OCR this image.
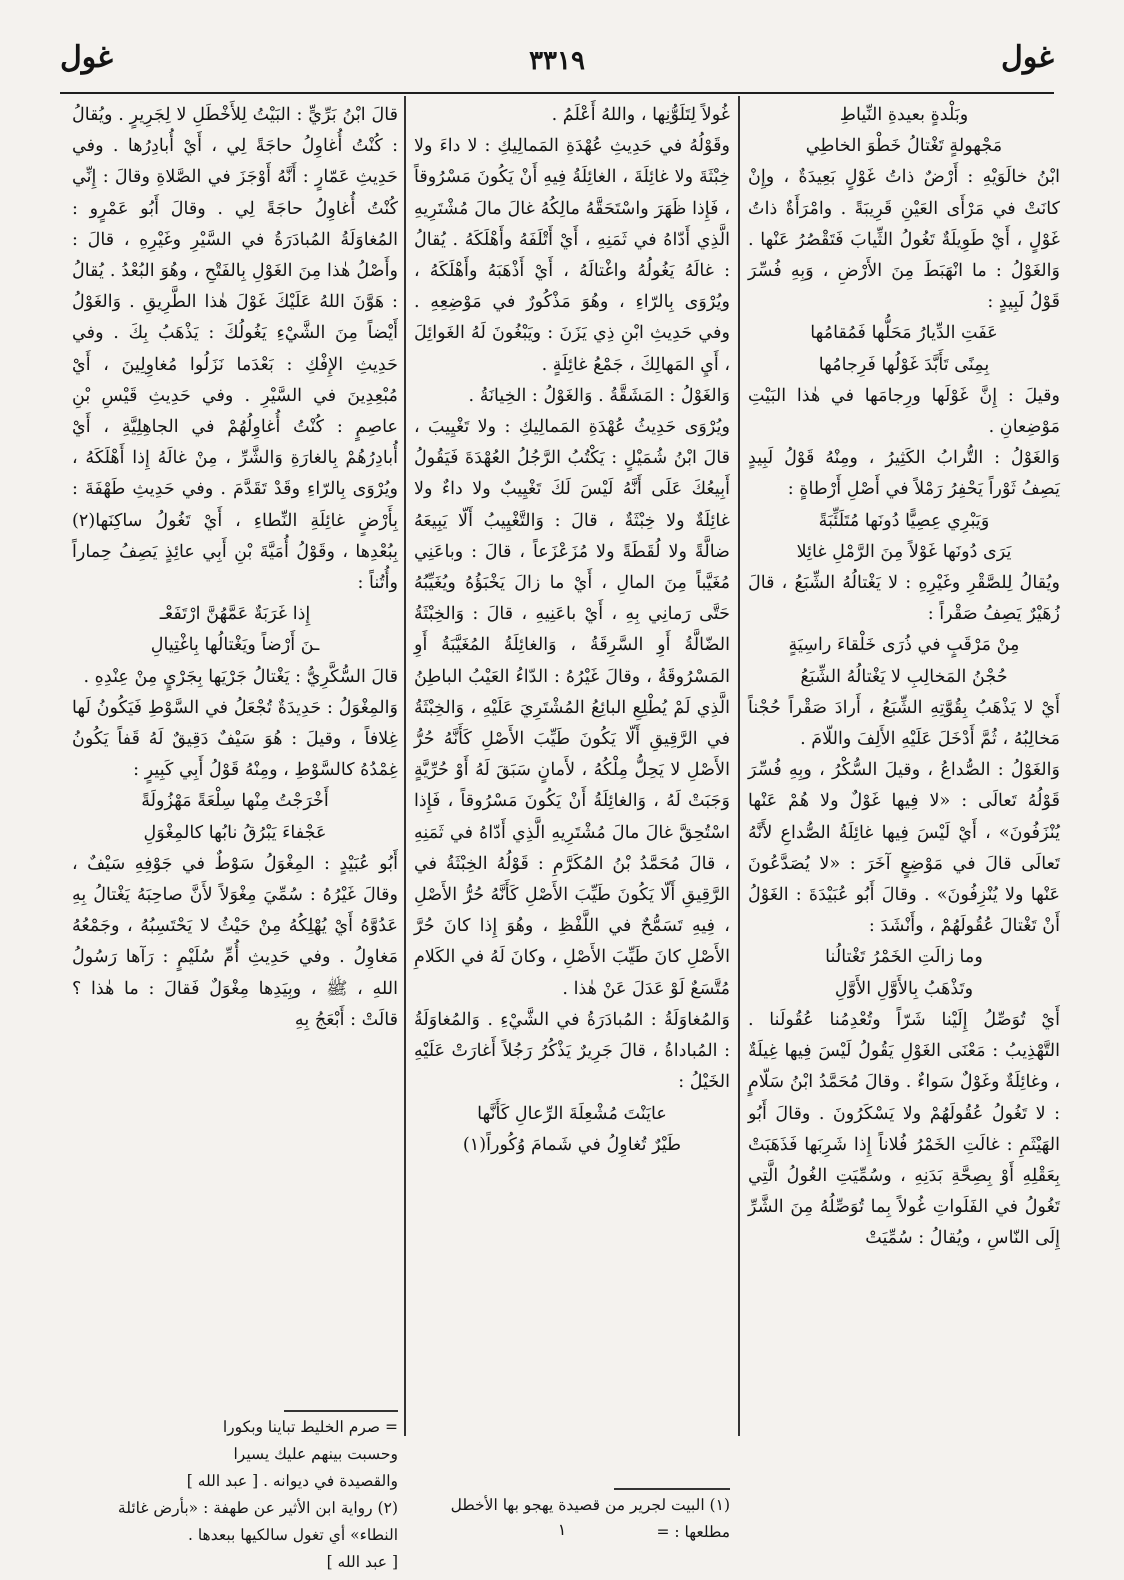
غول
٣٣١٩
غول

وبَلْدةٍ بعيدةِ النِّياطِ

مَجْهولةٍ تَغْتالُ خَطْوَ الخاطِي

ابْنُ خالَوَيْهِ : أَرْضٌ ذاتُ غَوْلٍ بَعِيدَةٌ ، وإِنْ كانَتْ في مَرْأَى العَيْنِ قَرِيبَةً . وامْرَأَةٌ ذاتُ غَوْلٍ ، أَيْ طَوِيلَةٌ تَغُولُ الثِّيابَ فَتَقْصُرُ عَنْها . وَالغَوْلُ : ما انْهَبَطَ مِنَ الأَرْضِ ، وَبِهِ فُسِّرَ قَوْلُ لَبِيدٍ :

عَفَتِ الدِّيارُ مَحَلُّها فَمُقامُها

بِمِنًى تَأَبَّدَ غَوْلُها فَرِجامُها

وقيلَ : إِنَّ غَوْلَها ورِجامَها في هٰذا البَيْتِ مَوْضِعانِ .

وَالغَوْلُ : التُّرابُ الكَثِيرُ ، ومِنْهُ قَوْلُ لَبِيدٍ يَصِفُ ثَوْراً يَحْفِرُ رَمْلاً في أَصْلِ أَرْطاةٍ :

وَيَبْرِي عِصِيًّا دُونَها مُتَلَئِّبَةً

يَرَى دُونَها غَوْلاً مِنَ الرَّمْلِ غائِلا

ويُقالُ لِلصَّقْرِ وغَيْرِهِ : لا يَغْتالُهُ الشِّبَعُ ، قالَ زُهَيْرٌ يَصِفُ صَقْراً :

مِنْ مَرْقَبٍ في ذُرَى خَلْقاءَ راسِيَةٍ

حُجْنُ المَخالِبِ لا يَغْتالُهُ الشِّبَعُ

أَيْ لا يَذْهَبُ بِقُوَّتِهِ الشِّبَعُ ، أَرادَ صَقْراً حُجْناً مَخالِبُهُ ، ثُمَّ أَدْخَلَ عَلَيْهِ الأَلِفَ واللّامَ .

وَالغَوْلُ : الصُّداعُ ، وقيلَ السُّكْرُ ، وبِهِ فُسِّرَ قَوْلُهُ تَعالَى : «لا فِيها غَوْلٌ ولا هُمْ عَنْها يُنْزَفُونَ» ، أَيْ لَيْسَ فِيها غائِلَةُ الصُّداعِ لأَنَّهُ تَعالَى قالَ في مَوْضِعٍ آخَرَ : «لا يُصَدَّعُونَ عَنْها ولا يُنْزِفُونَ» . وقالَ أَبُو عُبَيْدَةَ : الغَوْلُ أَنْ تَغْتالَ عُقُولَهُمْ ، وأَنْشَدَ :

وما زالَتِ الخَمْرُ تَغْتالُنا

وتَذْهَبُ بِالأَوَّلِ الأَوَّلِ

أَيْ تُوَصِّلُ إِلَيْنا شَرّاً وتُعْدِمُنا عُقُولَنا . التَّهْذِيبُ : مَعْنَى الغَوْلِ يَقُولُ لَيْسَ فِيها غِيلَةٌ ، وغائِلَةٌ وغَوْلٌ سَواءٌ . وقالَ مُحَمَّدُ ابْنُ سَلّامٍ : لا تَغُولُ عُقُولَهُمْ ولا يَسْكَرُونَ . وقالَ أَبُو الهَيْثَمِ : غالَتِ الخَمْرُ فُلاناً إِذا شَرِبَها فَذَهَبَتْ بِعَقْلِهِ أَوْ بِصِحَّةِ بَدَنِهِ ، وسُمِّيَتِ الغُولُ الَّتِي تَغُولُ في الفَلَواتِ غُولاً بِما تُوَصِّلُهُ مِنَ الشَّرِّ إِلَى النّاسِ ، ويُقالُ : سُمِّيَتْ

غُولاً لِتَلَوُّنِها ، واللهُ أَعْلَمُ .

وقَوْلُهُ في حَدِيثِ عُهْدَةِ المَمالِيكِ : لا داءَ ولا خِبْثَةَ ولا غائِلَةَ ، الغائِلَةُ فِيهِ أَنْ يَكُونَ مَسْرُوقاً ، فَإِذا ظَهَرَ واسْتَحَقَّهُ مالِكُهُ غالَ مالَ مُشْتَرِيهِ الَّذِي أَدّاهُ في ثَمَنِهِ ، أَيْ أَتْلَفَهُ وأَهْلَكَهُ . يُقالُ : غالَهُ يَغُولُهُ واغْتالَهُ ، أَيْ أَذْهَبَهُ وأَهْلَكَهُ ، ويُرْوَى بِالرّاءِ ، وهُوَ مَذْكُورٌ في مَوْضِعِهِ . وفي حَدِيثِ ابْنِ ذِي يَزَنَ : ويَبْغُونَ لَهُ الغَوائِلَ ، أَيِ المَهالِكَ ، جَمْعُ غائِلَةٍ .

وَالغَوْلُ : المَشَقَّةُ . وَالغَوْلُ : الخِيانَةُ .

ويُرْوَى حَدِيثُ عُهْدَةِ المَمالِيكِ : ولا تَغْيِيبَ ، قالَ ابْنُ شُمَيْلٍ : يَكْتُبُ الرَّجُلُ العُهْدَةَ فَيَقُولُ أَبِيعُكَ عَلَى أَنَّهُ لَيْسَ لَكَ تَغْيِيبٌ ولا داءٌ ولا غائِلَةٌ ولا خِبْثَةٌ ، قالَ : وَالتَّغْيِيبُ أَلّا يَبِيعَهُ ضالَّةً ولا لُقَطَةً ولا مُزَعْزَعاً ، قالَ : وباعَنِي مُغَيَّباً مِنَ المالِ ، أَيْ ما زالَ يَخْبَؤُهُ ويُغَيِّبُهُ حَتَّى رَمانِي بِهِ ، أَيْ باعَنِيهِ ، قالَ : وَالخِبْثَةُ الضّالَّةُ أَوِ السَّرِقَةُ ، وَالغائِلَةُ المُغَيَّبَةُ أَوِ المَسْرُوقَةُ ، وقالَ غَيْرُهُ : الدّاءُ العَيْبُ الباطِنُ الَّذِي لَمْ يُطْلِعِ البائِعُ المُشْتَرِيَ عَلَيْهِ ، وَالخِبْثَةُ في الرَّقِيقِ أَلّا يَكُونَ طَيِّبَ الأَصْلِ كَأَنَّهُ حُرُّ الأَصْلِ لا يَحِلُّ مِلْكُهُ ، لأَمانٍ سَبَقَ لَهُ أَوْ حُرِّيَّةٍ وَجَبَتْ لَهُ ، وَالغائِلَةُ أَنْ يَكُونَ مَسْرُوقاً ، فَإِذا اسْتُحِقَّ غالَ مالَ مُشْتَرِيهِ الَّذِي أَدّاهُ في ثَمَنِهِ ، قالَ مُحَمَّدُ بْنُ المُكَرَّمِ : قَوْلُهُ الخِبْثَةُ في الرَّقِيقِ أَلّا يَكُونَ طَيِّبَ الأَصْلِ كَأَنَّهُ حُرُّ الأَصْلِ ، فِيهِ تَسَمُّحٌ في اللَّفْظِ ، وهُوَ إِذا كانَ حُرَّ الأَصْلِ كانَ طَيِّبَ الأَصْلِ ، وكانَ لَهُ في الكَلامِ مُتَّسَعٌ لَوْ عَدَلَ عَنْ هٰذا .

وَالمُغاوَلَةُ : المُبادَرَةُ في الشَّيْءِ . وَالمُغاوَلَةُ : المُباداةُ ، قالَ جَرِيرٌ يَذْكُرُ رَجُلاً أَغارَتْ عَلَيْهِ الخَيْلُ :

عايَنْتَ مُشْعِلَةَ الرِّعالِ كَأَنَّها

طَيْرٌ تُغاوِلُ في شَمامَ وُكُوراً(١)

قالَ ابْنُ بَرِّيٍّ : البَيْتُ لِلأَخْطَلِ لا لِجَرِيرٍ . ويُقالُ : كُنْتُ أُغاوِلُ حاجَةً لِي ، أَيْ أُبادِرُها . وفي حَدِيثِ عَمّارٍ : أَنَّهُ أَوْجَزَ في الصَّلاةِ وقالَ : إِنِّي كُنْتُ أُغاوِلُ حاجَةً لِي . وقالَ أَبُو عَمْرٍو : المُغاوَلَةُ المُبادَرَةُ في السَّيْرِ وغَيْرِهِ ، قالَ : وأَصْلُ هٰذا مِنَ الغَوْلِ بِالفَتْحِ ، وهُوَ البُعْدُ . يُقالُ : هَوَّنَ اللهُ عَلَيْكَ غَوْلَ هٰذا الطَّرِيقِ . وَالغَوْلُ أَيْضاً مِنَ الشَّيْءِ يَغُولُكَ : يَذْهَبُ بِكَ . وفي حَدِيثِ الإِفْكِ : بَعْدَما نَزَلُوا مُغاوِلِينَ ، أَيْ مُبْعِدِينَ في السَّيْرِ . وفي حَدِيثِ قَيْسِ بْنِ عاصِمٍ : كُنْتُ أُغاوِلُهُمْ في الجاهِلِيَّةِ ، أَيْ أُبادِرُهُمْ بِالغارَةِ وَالشَّرِّ ، مِنْ غالَهُ إِذا أَهْلَكَهُ ، ويُرْوَى بِالرّاءِ وقَدْ تَقَدَّمَ . وفي حَدِيثِ طَهْفَةَ : بِأَرْضٍ غائِلَةِ النِّطاءِ ، أَيْ تَغُولُ ساكِنَها(٢) بِبُعْدِها ، وقَوْلُ أُمَيَّةَ بْنِ أَبِي عائِذٍ يَصِفُ حِماراً وأُتُناً :

إِذا غَرَبَةٌ عَمَّهُنَّ ارْتَفَعْـ

ـنَ أَرْضاً ويَغْتالُها بِاغْتِيالِ

قالَ السُّكَّرِيُّ : يَغْتالُ جَرْيَها بِجَرْيٍ مِنْ عِنْدِهِ .

وَالمِغْوَلُ : حَدِيدَةٌ تُجْعَلُ في السَّوْطِ فَيَكُونُ لَها غِلافاً ، وقيلَ : هُوَ سَيْفٌ دَقِيقٌ لَهُ قَفاً يَكُونُ غِمْدُهُ كالسَّوْطِ ، ومِنْهُ قَوْلُ أَبِي كَبِيرٍ :

أَخْرَجْتُ مِنْها سِلْعَةً مَهْزُولَةً

عَجْفاءَ يَبْرُقُ نابُها كالمِغْوَلِ

أَبُو عُبَيْدٍ : المِغْوَلُ سَوْطٌ في جَوْفِهِ سَيْفٌ ، وقالَ غَيْرُهُ : سُمِّيَ مِغْوَلاً لأَنَّ صاحِبَهُ يَغْتالُ بِهِ عَدُوَّهُ أَيْ يُهْلِكُهُ مِنْ حَيْثُ لا يَحْتَسِبُهُ ، وجَمْعُهُ مَغاوِلُ . وفي حَدِيثِ أُمِّ سُلَيْمٍ : رَآها رَسُولُ اللهِ ، ﷺ ، وبِيَدِها مِغْوَلٌ فَقالَ : ما هٰذا ؟ قالَتْ : أَبْعَجُ بِهِ

= صرم الخليط تباينا وبكورا

وحسبت بينهم عليك يسيرا

والقصيدة في ديوانه . [ عبد الله ]

(٢) رواية ابن الأثير عن طهفة : «بأرض غائلة النطاء» أي تغول سالكيها ببعدها .

[ عبد الله ]

(١) البيت لجرير من قصيدة يهجو بها الأخطل مطلعها : =

١
